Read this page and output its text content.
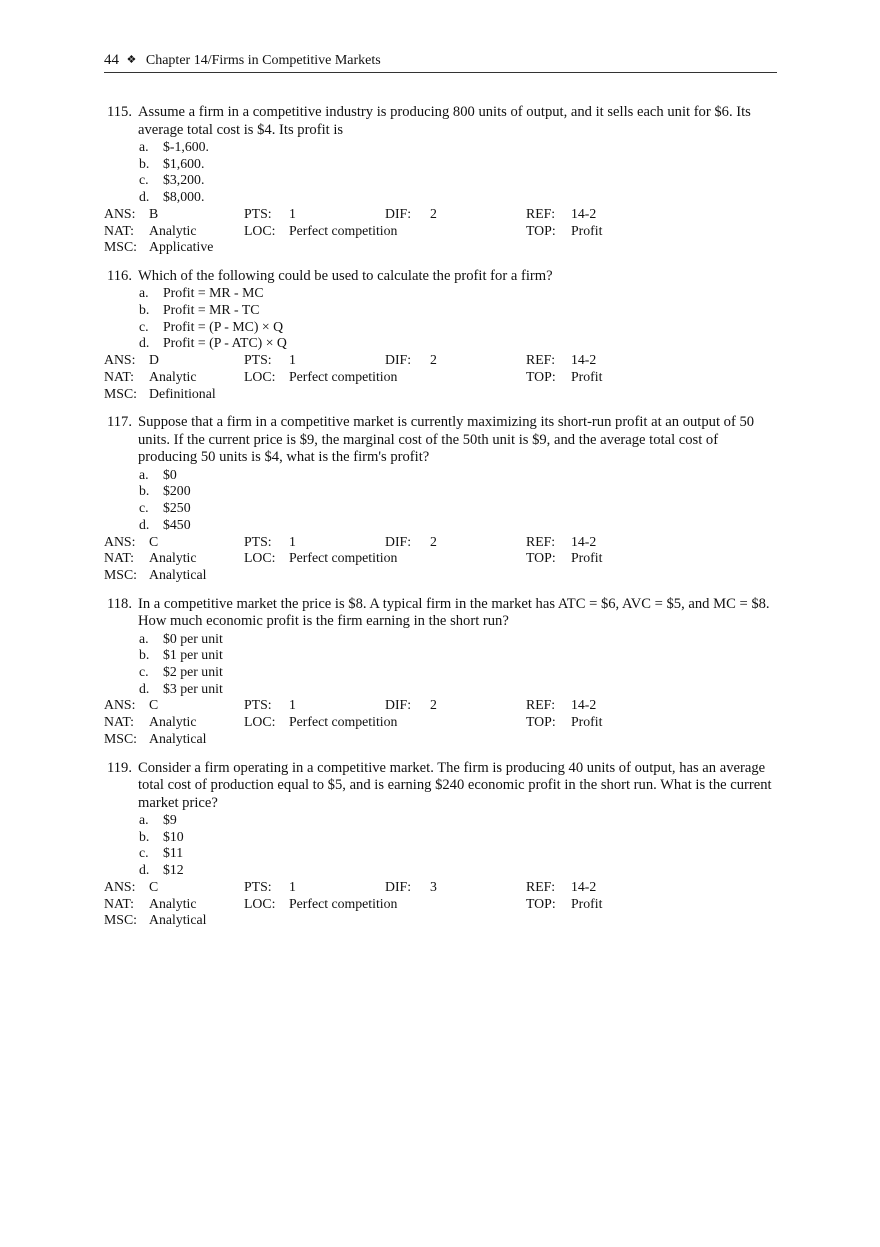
44 ❖ Chapter 14/Firms in Competitive Markets
115. Assume a firm in a competitive industry is producing 800 units of output, and it sells each unit for $6. Its average total cost is $4. Its profit is
a. $-1,600.
b. $1,600.
c. $3,200.
d. $8,000.
ANS: B	PTS: 1	DIF: 2	REF: 14-2
NAT: Analytic	LOC: Perfect competition	TOP: Profit
MSC: Applicative
116. Which of the following could be used to calculate the profit for a firm?
a. Profit = MR - MC
b. Profit = MR - TC
c. Profit = (P - MC) × Q
d. Profit = (P - ATC) × Q
ANS: D	PTS: 1	DIF: 2	REF: 14-2
NAT: Analytic	LOC: Perfect competition	TOP: Profit
MSC: Definitional
117. Suppose that a firm in a competitive market is currently maximizing its short-run profit at an output of 50 units. If the current price is $9, the marginal cost of the 50th unit is $9, and the average total cost of producing 50 units is $4, what is the firm's profit?
a. $0
b. $200
c. $250
d. $450
ANS: C	PTS: 1	DIF: 2	REF: 14-2
NAT: Analytic	LOC: Perfect competition	TOP: Profit
MSC: Analytical
118. In a competitive market the price is $8. A typical firm in the market has ATC = $6, AVC = $5, and MC = $8. How much economic profit is the firm earning in the short run?
a. $0 per unit
b. $1 per unit
c. $2 per unit
d. $3 per unit
ANS: C	PTS: 1	DIF: 2	REF: 14-2
NAT: Analytic	LOC: Perfect competition	TOP: Profit
MSC: Analytical
119. Consider a firm operating in a competitive market. The firm is producing 40 units of output, has an average total cost of production equal to $5, and is earning $240 economic profit in the short run. What is the current market price?
a. $9
b. $10
c. $11
d. $12
ANS: C	PTS: 1	DIF: 3	REF: 14-2
NAT: Analytic	LOC: Perfect competition	TOP: Profit
MSC: Analytical
